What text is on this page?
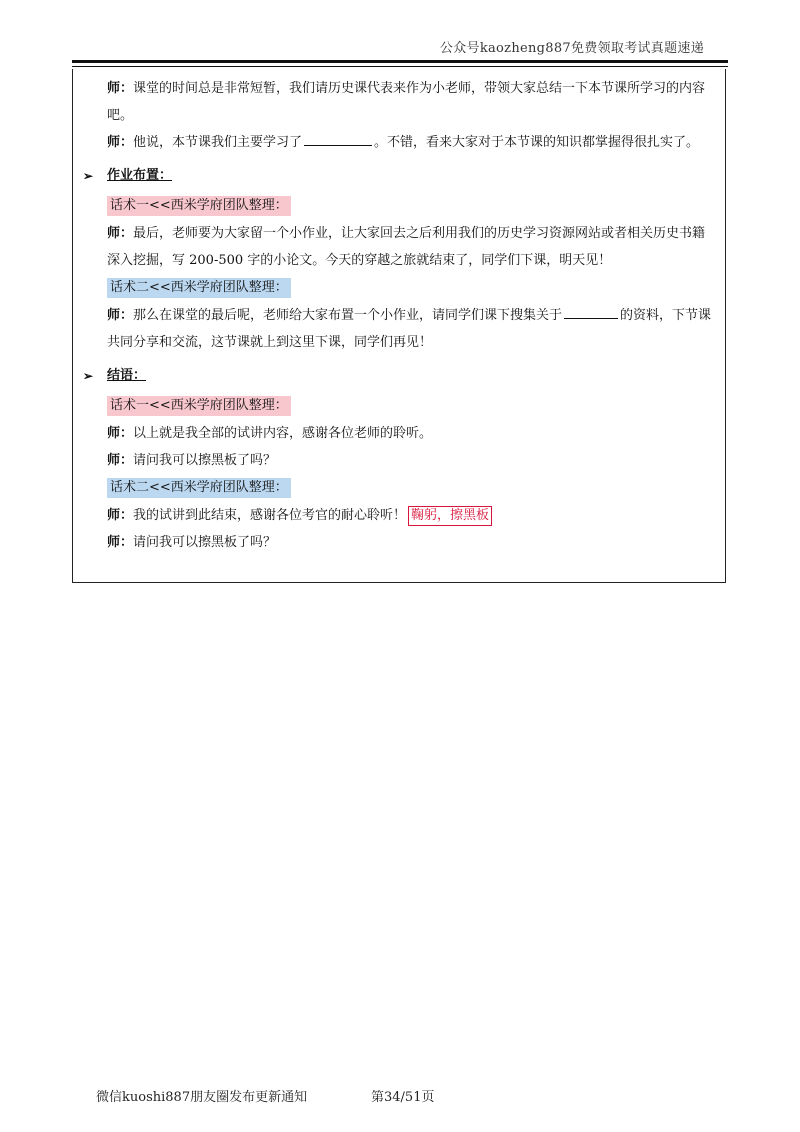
公众号kaozheng887免费领取考试真题速递

师：课堂的时间总是非常短暂，我们请历史课代表来作为小老师，带领大家总结一下本节课所学习的内容吧。

师：他说，本节课我们主要学习了	。不错，看来大家对于本节课的知识都掌握得很扎实了。

➢ 作业布置：
话术一<<西米学府团队整理：

师：最后，老师要为大家留一个小作业，让大家回去之后利用我们的历史学习资源网站或者相关历史书籍深入挖掘，写 200-500 字的小论文。今天的穿越之旅就结束了，同学们下课，明天见！

话术二<<西米学府团队整理：

师：那么在课堂的最后呢，老师给大家布置一个小作业，请同学们课下搜集关于	的资料，下节课共同分享和交流，这节课就上到这里下课，同学们再见！

➢ 结语：
话术一<<西米学府团队整理：

师：以上就是我全部的试讲内容，感谢各位老师的聆听。

师：请问我可以擦黑板了吗？

话术二<<西米学府团队整理：

师：我的试讲到此结束，感谢各位考官的耐心聆听！ 鞠躬，擦黑板

师：请问我可以擦黑板了吗？

微信kuoshi887朋友圈发布更新通知	第34/51页
